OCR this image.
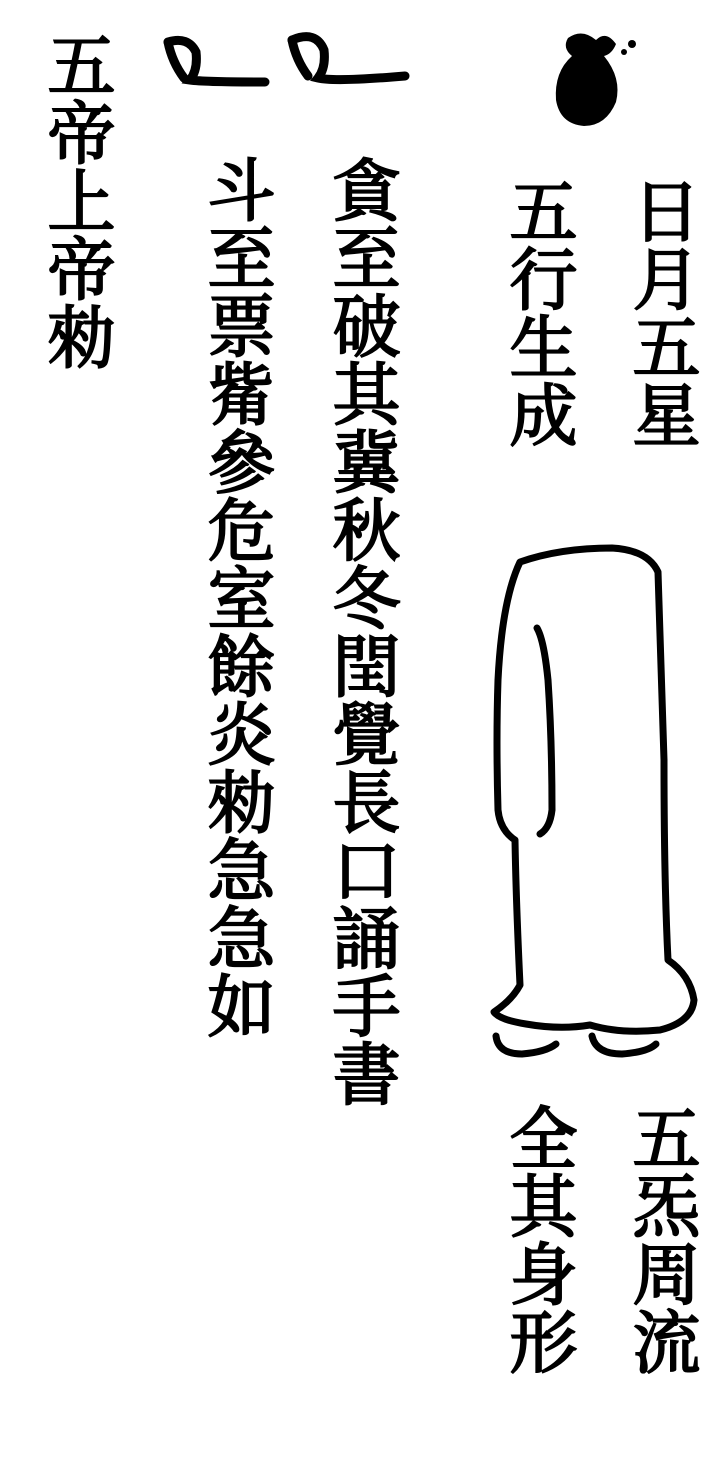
日月五星
五行生成
五炁周流
全其身形
貪至破其冀秋冬閏覺長口誦手書
斗至票觜參危室餘炎勑急急如
五帝上帝勑
